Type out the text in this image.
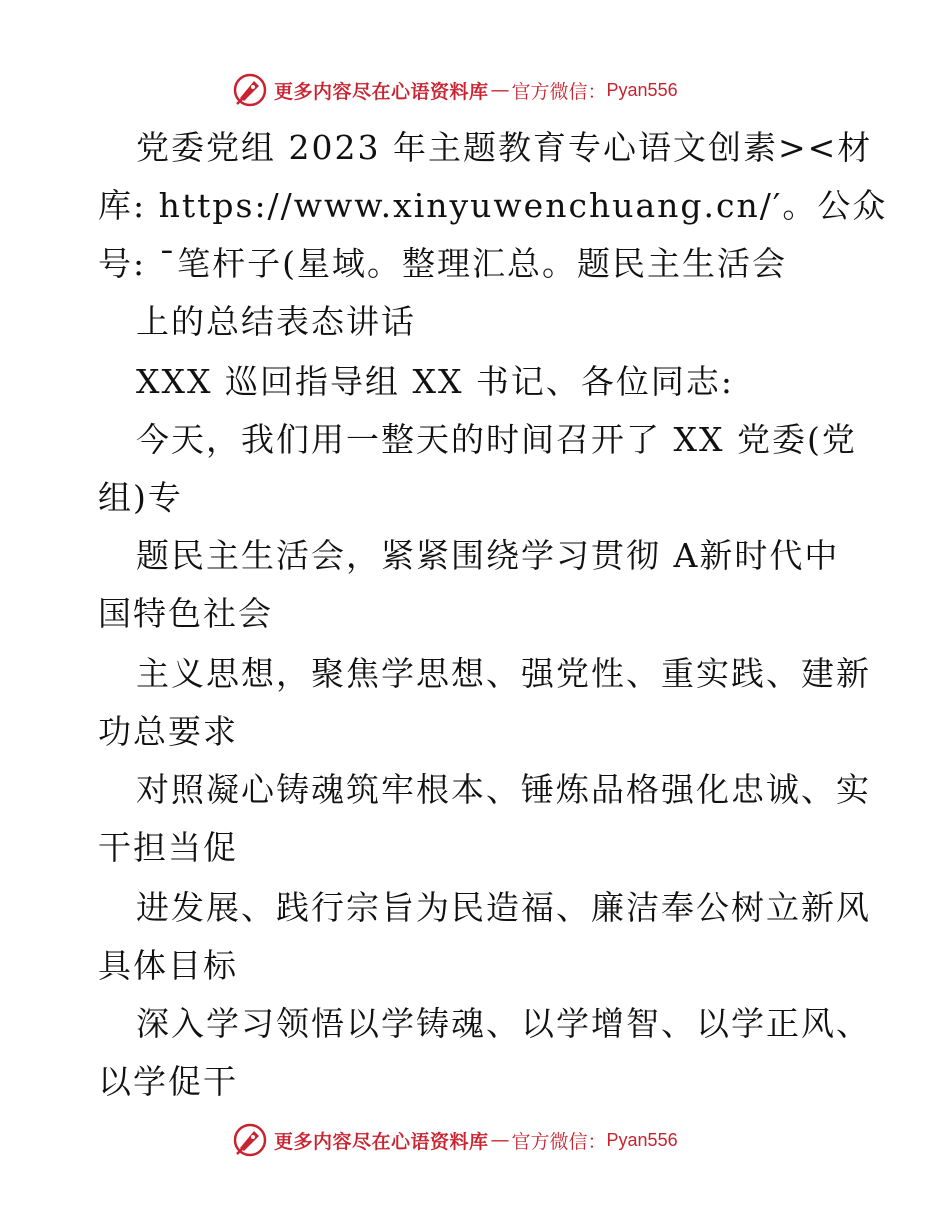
更多内容尽在心语资料库 — 官方微信： Pyan556
党委党组 2023 年主题教育专心语文创素><材
库: https://www.xinyuwenchuang.cn/′。公众
号: ¯笔杆子(星域。整理汇总。题民主生活会
上的总结表态讲话
XXX 巡回指导组 XX 书记、各位同志:
今天，我们用一整天的时间召开了 XX 党委(党
组)专
题民主生活会，紧紧围绕学习贯彻 A新时代中
国特色社会
主义思想，聚焦学思想、强党性、重实践、建新
功总要求
对照凝心铸魂筑牢根本、锤炼品格强化忠诚、实
干担当促
进发展、践行宗旨为民造福、廉洁奉公树立新风
具体目标
深入学习领悟以学铸魂、以学增智、以学正风、
以学促干
更多内容尽在心语资料库 — 官方微信： Pyan556
